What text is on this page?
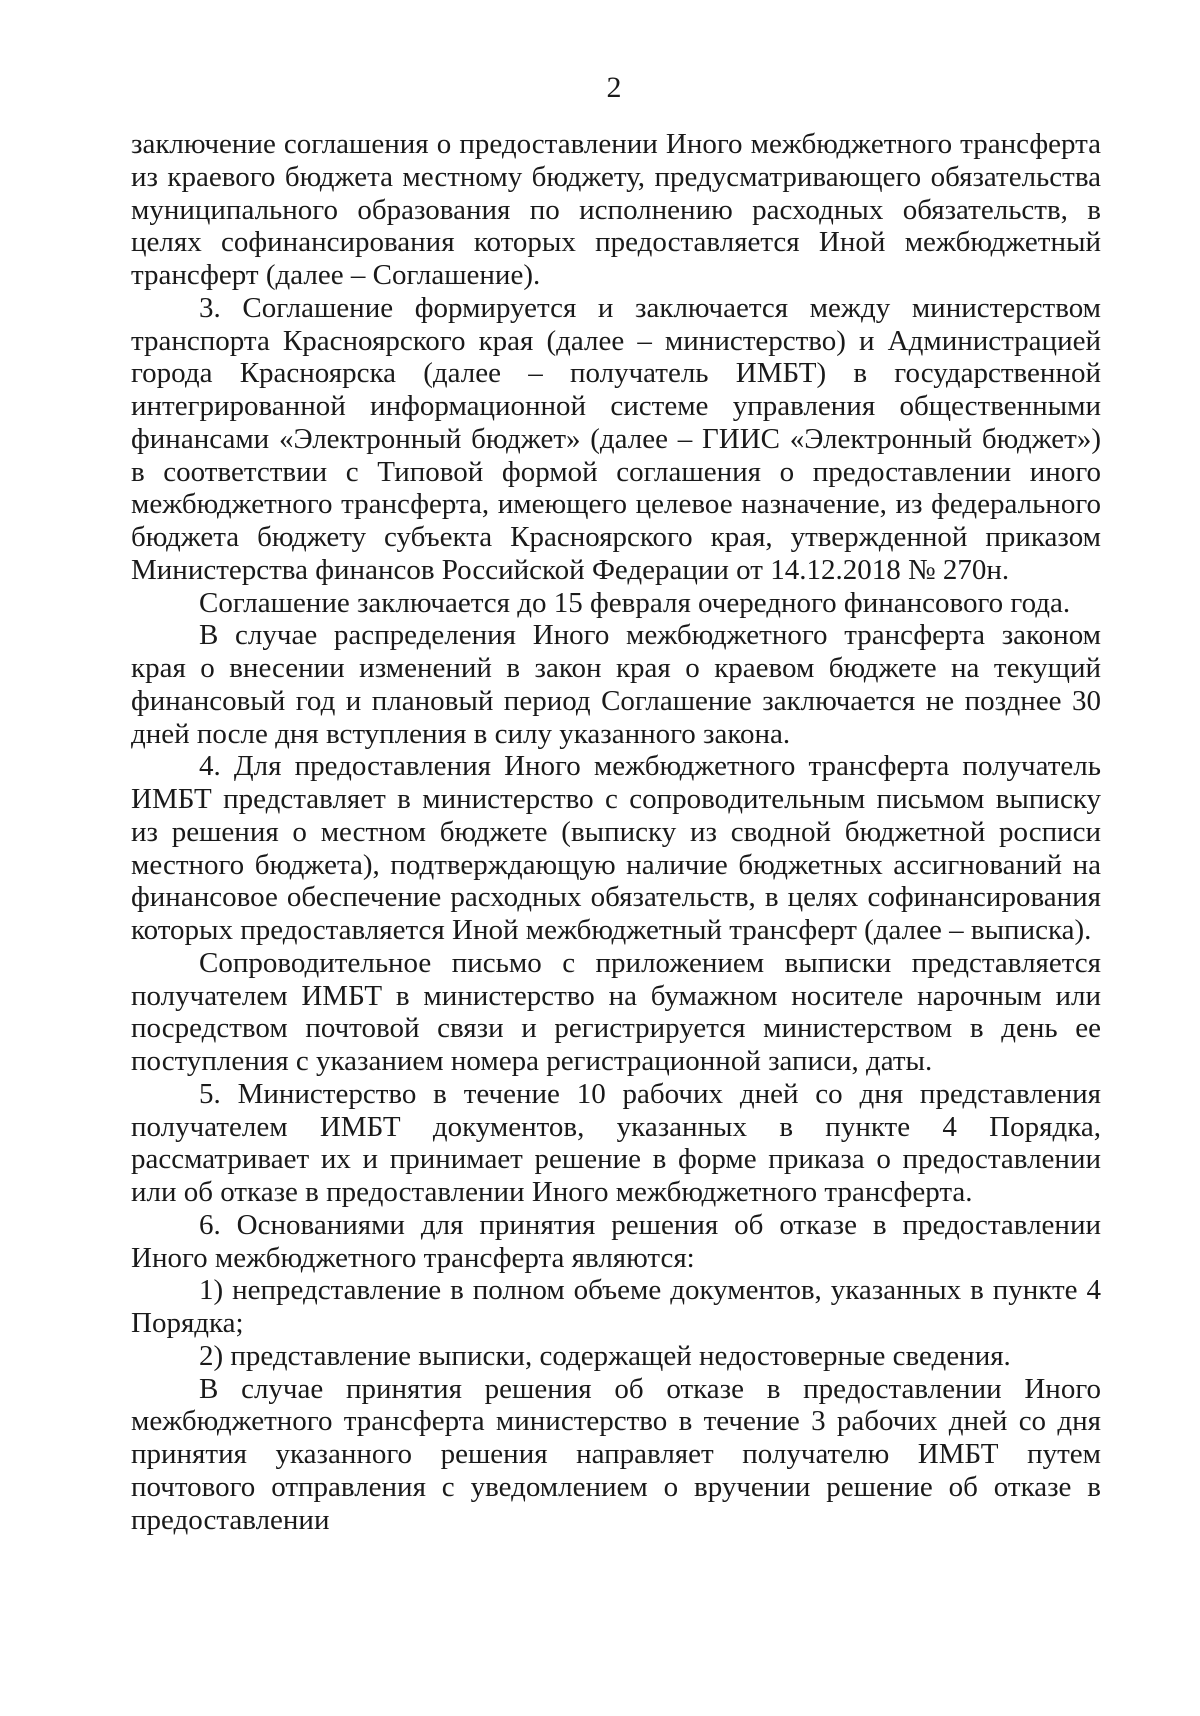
2

заключение соглашения о предоставлении Иного межбюджетного трансферта из краевого бюджета местному бюджету, предусматривающего обязательства муниципального образования по исполнению расходных обязательств, в целях софинансирования которых предоставляется Иной межбюджетный трансферт (далее – Соглашение).

3. Соглашение формируется и заключается между министерством транспорта Красноярского края (далее – министерство) и Администрацией города Красноярска (далее – получатель ИМБТ) в государственной интегрированной информационной системе управления общественными финансами «Электронный бюджет» (далее – ГИИС «Электронный бюджет») в соответствии с Типовой формой соглашения о предоставлении иного межбюджетного трансферта, имеющего целевое назначение, из федерального бюджета бюджету субъекта Красноярского края, утвержденной приказом Министерства финансов Российской Федерации от 14.12.2018 № 270н.

Соглашение заключается до 15 февраля очередного финансового года.

В случае распределения Иного межбюджетного трансферта законом края о внесении изменений в закон края о краевом бюджете на текущий финансовый год и плановый период Соглашение заключается не позднее 30 дней после дня вступления в силу указанного закона.

4. Для предоставления Иного межбюджетного трансферта получатель ИМБТ представляет в министерство с сопроводительным письмом выписку из решения о местном бюджете (выписку из сводной бюджетной росписи местного бюджета), подтверждающую наличие бюджетных ассигнований на финансовое обеспечение расходных обязательств, в целях софинансирования которых предоставляется Иной межбюджетный трансферт (далее – выписка).

Сопроводительное письмо с приложением выписки представляется получателем ИМБТ в министерство на бумажном носителе нарочным или посредством почтовой связи и регистрируется министерством в день ее поступления с указанием номера регистрационной записи, даты.

5. Министерство в течение 10 рабочих дней со дня представления получателем ИМБТ документов, указанных в пункте 4 Порядка, рассматривает их и принимает решение в форме приказа о предоставлении или об отказе в предоставлении Иного межбюджетного трансферта.

6. Основаниями для принятия решения об отказе в предоставлении Иного межбюджетного трансферта являются:

1) непредставление в полном объеме документов, указанных в пункте 4 Порядка;

2) представление выписки, содержащей недостоверные сведения.

В случае принятия решения об отказе в предоставлении Иного межбюджетного трансферта министерство в течение 3 рабочих дней со дня принятия указанного решения направляет получателю ИМБТ путем почтового отправления с уведомлением о вручении решение об отказе в предоставлении
